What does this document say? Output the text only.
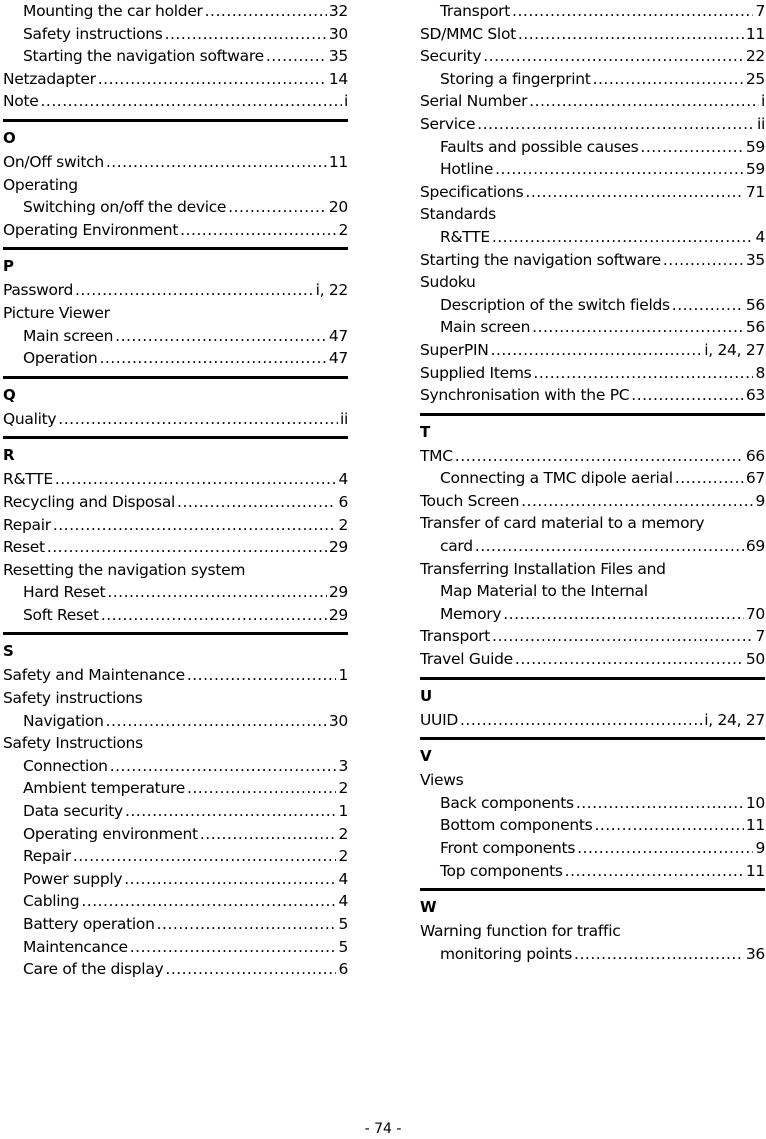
Mounting the car holder .....	32
Safety instructions .....	30
Starting the navigation software .....	35
Netzadapter .....	14
Note .....	i
O
On/Off switch .....	11
Operating
Switching on/off the device .....	20
Operating Environment .....	2
P
Password .....	i, 22
Picture Viewer
Main screen .....	47
Operation .....	47
Q
Quality .....	ii
R
R&TTE .....	4
Recycling and Disposal .....	6
Repair .....	2
Reset .....	29
Resetting the navigation system
Hard Reset .....	29
Soft Reset .....	29
S
Safety and Maintenance .....	1
Safety instructions
Navigation .....	30
Safety Instructions
Connection .....	3
Ambient temperature .....	2
Data security .....	1
Operating environment .....	2
Repair .....	2
Power supply .....	4
Cabling .....	4
Battery operation .....	5
Maintencance .....	5
Care of the display .....	6
Transport .....	7
SD/MMC Slot .....	11
Security .....	22
Storing a fingerprint .....	25
Serial Number .....	i
Service .....	ii
Faults and possible causes .....	59
Hotline .....	59
Specifications .....	71
Standards
R&TTE .....	4
Starting the navigation software .....	35
Sudoku
Description of the switch fields .....	56
Main screen .....	56
SuperPIN .....	i, 24, 27
Supplied Items .....	8
Synchronisation with the PC .....	63
T
TMC .....	66
Connecting a TMC dipole aerial .....	67
Touch Screen .....	9
Transfer of card material to a memory
card .....	69
Transferring Installation Files and
Map Material to the Internal
Memory .....	70
Transport .....	7
Travel Guide .....	50
U
UUID .....	i, 24, 27
V
Views
Back components .....	10
Bottom components .....	11
Front components .....	9
Top components .....	11
W
Warning function for traffic
monitoring points .....	36
- 74 -
